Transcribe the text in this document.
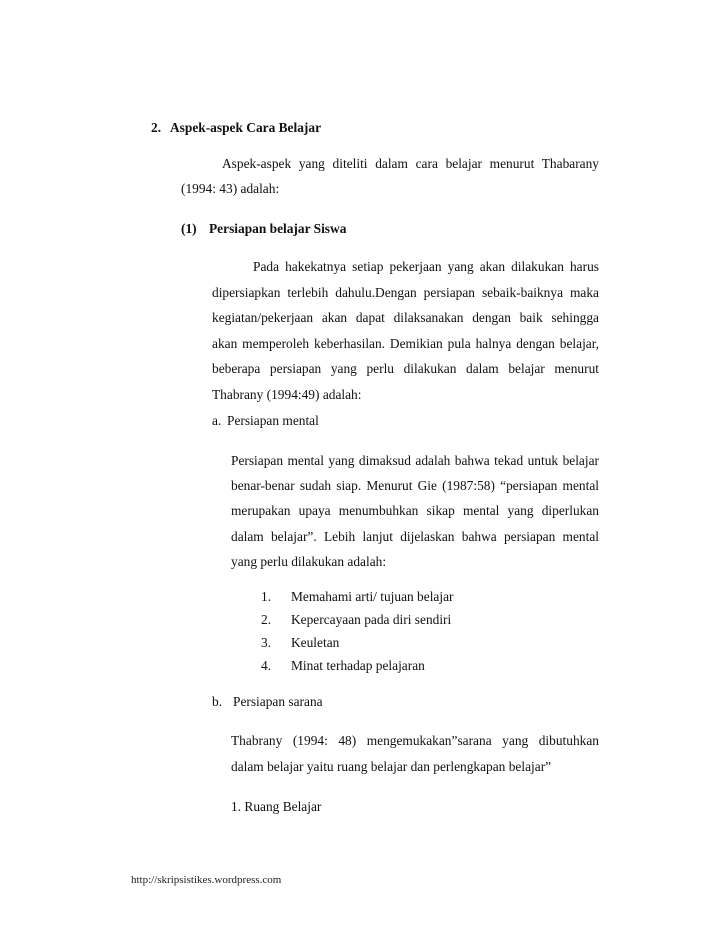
2. Aspek-aspek Cara Belajar
Aspek-aspek yang diteliti dalam cara belajar menurut Thabarany
(1994: 43) adalah:
(1) Persiapan belajar Siswa
Pada hakekatnya setiap pekerjaan yang akan dilakukan harus
dipersiapkan terlebih dahulu.Dengan persiapan sebaik-baiknya maka
kegiatan/pekerjaan akan dapat dilaksanakan dengan baik sehingga
akan memperoleh keberhasilan. Demikian pula halnya dengan belajar,
beberapa persiapan yang perlu dilakukan dalam belajar menurut
Thabrany (1994:49) adalah:
a. Persiapan mental
Persiapan mental yang dimaksud adalah bahwa tekad untuk belajar
benar-benar sudah siap. Menurut Gie (1987:58) “persiapan mental
merupakan upaya menumbuhkan sikap mental yang diperlukan
dalam belajar”. Lebih lanjut dijelaskan bahwa persiapan mental
yang perlu dilakukan adalah:
1. Memahami arti/ tujuan belajar
2. Kepercayaan pada diri sendiri
3. Keuletan
4. Minat terhadap pelajaran
b. Persiapan sarana
Thabrany (1994: 48) mengemukakan”sarana yang dibutuhkan
dalam belajar yaitu ruang belajar dan perlengkapan belajar”
1. Ruang Belajar
http://skripsistikes.wordpress.com
